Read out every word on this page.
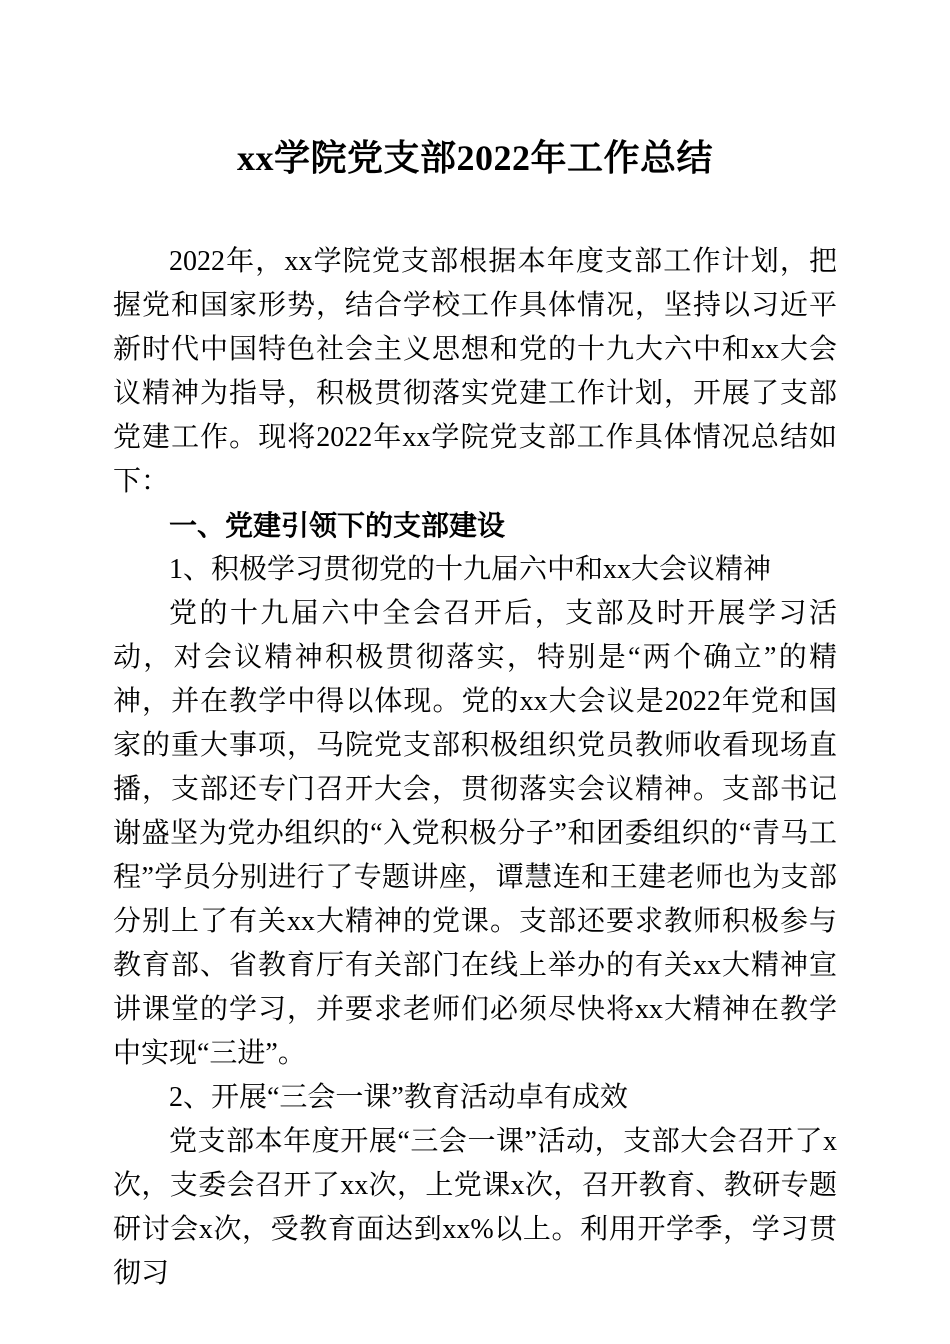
xx学院党支部2022年工作总结

2022年，xx学院党支部根据本年度支部工作计划，把握党和国家形势，结合学校工作具体情况，坚持以习近平新时代中国特色社会主义思想和党的十九大六中和xx大会议精神为指导，积极贯彻落实党建工作计划，开展了支部党建工作。现将2022年xx学院党支部工作具体情况总结如下：

一、党建引领下的支部建设

1、积极学习贯彻党的十九届六中和xx大会议精神

党的十九届六中全会召开后，支部及时开展学习活动，对会议精神积极贯彻落实，特别是“两个确立”的精神，并在教学中得以体现。党的xx大会议是2022年党和国家的重大事项，马院党支部积极组织党员教师收看现场直播，支部还专门召开大会，贯彻落实会议精神。支部书记谢盛坚为党办组织的“入党积极分子”和团委组织的“青马工程”学员分别进行了专题讲座，谭慧连和王建老师也为支部分别上了有关xx大精神的党课。支部还要求教师积极参与教育部、省教育厅有关部门在线上举办的有关xx大精神宣讲课堂的学习，并要求老师们必须尽快将xx大精神在教学中实现“三进”。

2、开展“三会一课”教育活动卓有成效

党支部本年度开展“三会一课”活动，支部大会召开了x次，支委会召开了xx次，上党课x次，召开教育、教研专题研讨会x次，受教育面达到xx%以上。利用开学季，学习贯彻习
